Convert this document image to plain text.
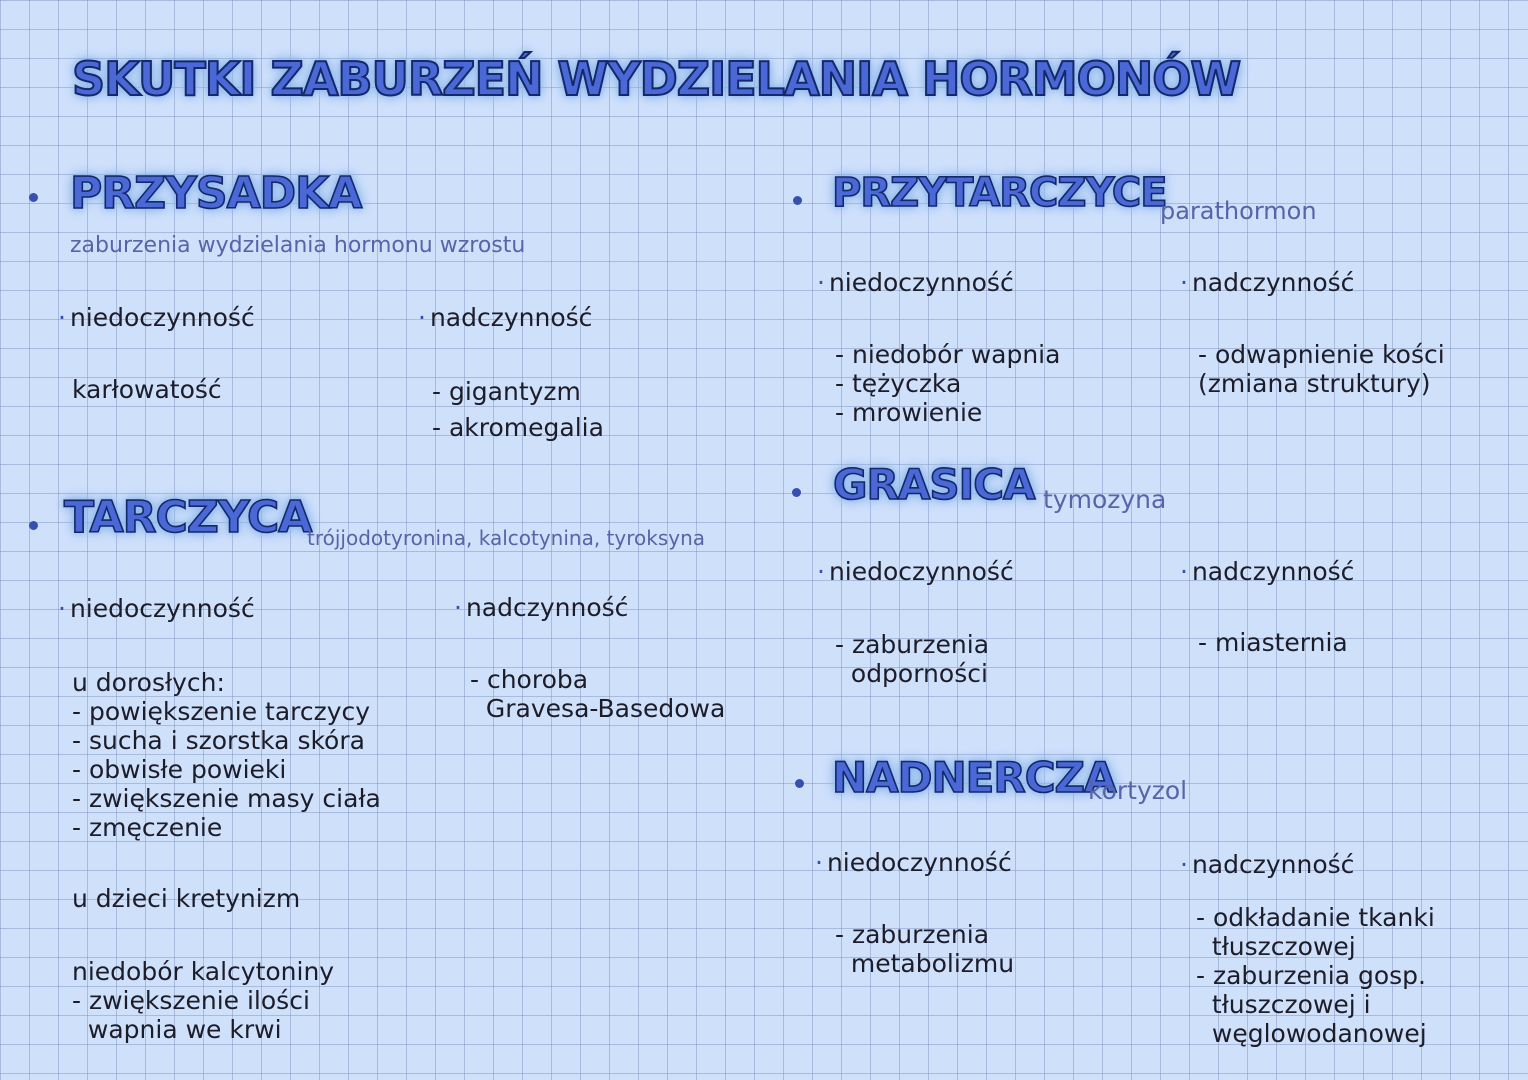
SKUTKI ZABURZEŃ WYDZIELANIA HORMONÓW
PRZYSADKA
zaburzenia wydzielania hormonu wzrostu
· niedoczynność
karłowatość
· nadczynność
- gigantyzm
- akromegalia
TARCZYCA
trójjodotyronina, kalcotynina, tyroksyna
· niedoczynność
u dorosłych:
- powiększenie tarczycy
- sucha i szorstka skóra
- obwisłe powieki
- zwiększenie masy ciała
- zmęczenie
u dzieci kretynizm
niedobór kalcytoniny
- zwiększenie ilości
wapnia we krwi
· nadczynność
- choroba
Gravesa-Basedowa
PRZYTARCZYCE
parathormon
· niedoczynność
- niedobór wapnia
- tężyczka
- mrowienie
· nadczynność
- odwapnienie kości
(zmiana struktury)
GRASICA tymozyna
· niedoczynność
- zaburzenia
odporności
· nadczynność
- miasternia
NADNERCZA
kortyzol
· niedoczynność
- zaburzenia
metabolizmu
· nadczynność
- odkładanie tkanki
tłuszczowej
- zaburzenia gosp.
tłuszczowej i
węglowodanowej
